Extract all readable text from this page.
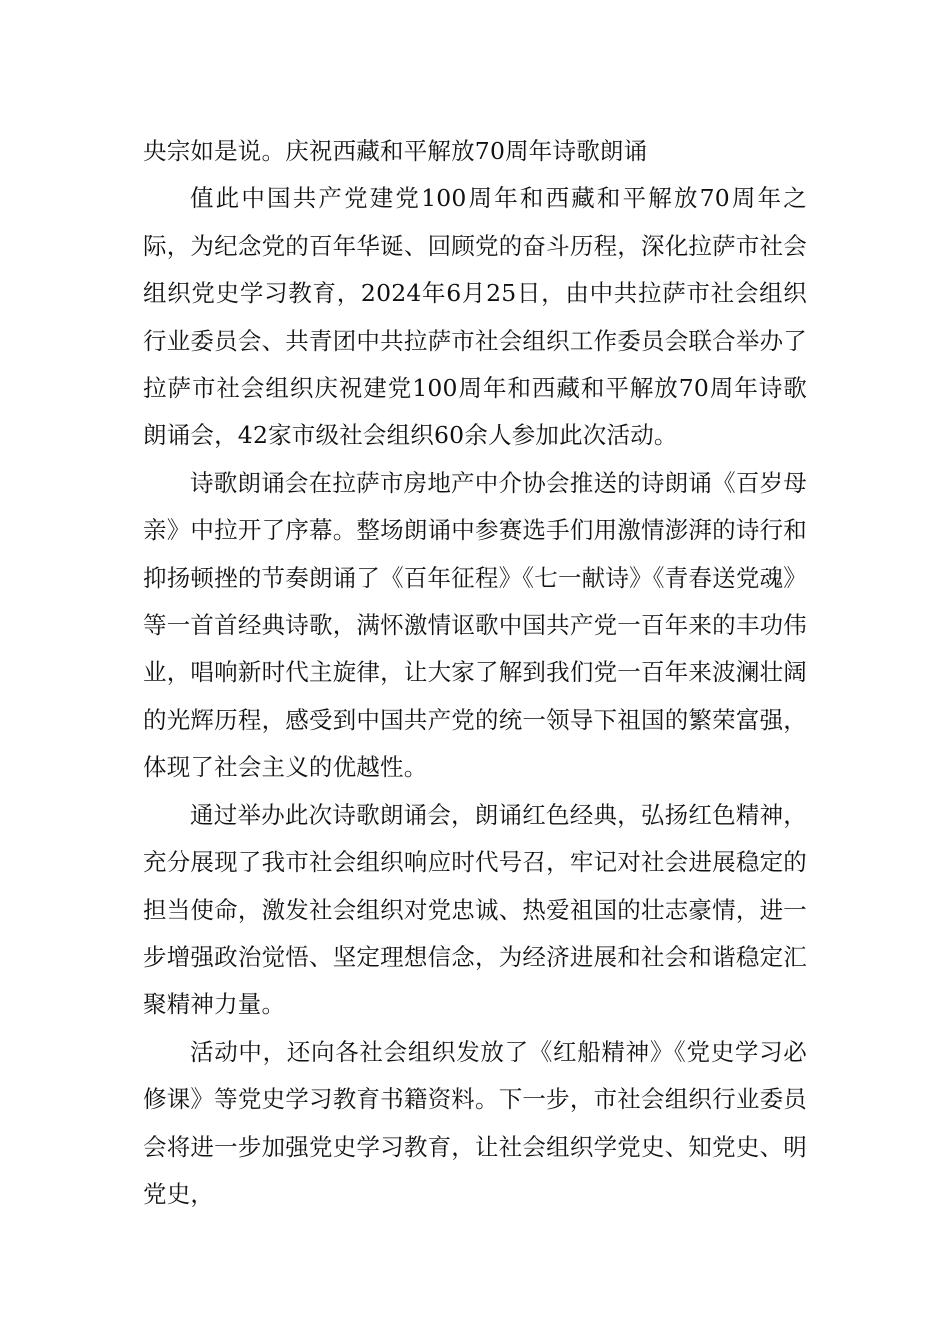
央宗如是说。庆祝西藏和平解放70周年诗歌朗诵

值此中国共产党建党100周年和西藏和平解放70周年之际，为纪念党的百年华诞、回顾党的奋斗历程，深化拉萨市社会组织党史学习教育，2024年6月25日，由中共拉萨市社会组织行业委员会、共青团中共拉萨市社会组织工作委员会联合举办了拉萨市社会组织庆祝建党100周年和西藏和平解放70周年诗歌朗诵会，42家市级社会组织60余人参加此次活动。

诗歌朗诵会在拉萨市房地产中介协会推送的诗朗诵《百岁母亲》中拉开了序幕。整场朗诵中参赛选手们用激情澎湃的诗行和抑扬顿挫的节奏朗诵了《百年征程》《七一献诗》《青春送党魂》等一首首经典诗歌，满怀激情讴歌中国共产党一百年来的丰功伟业，唱响新时代主旋律，让大家了解到我们党一百年来波澜壮阔的光辉历程，感受到中国共产党的统一领导下祖国的繁荣富强，体现了社会主义的优越性。

通过举办此次诗歌朗诵会，朗诵红色经典，弘扬红色精神，充分展现了我市社会组织响应时代号召，牢记对社会进展稳定的担当使命，激发社会组织对党忠诚、热爱祖国的壮志豪情，进一步增强政治觉悟、坚定理想信念，为经济进展和社会和谐稳定汇聚精神力量。

活动中，还向各社会组织发放了《红船精神》《党史学习必修课》等党史学习教育书籍资料。下一步，市社会组织行业委员会将进一步加强党史学习教育，让社会组织学党史、知党史、明党史，
